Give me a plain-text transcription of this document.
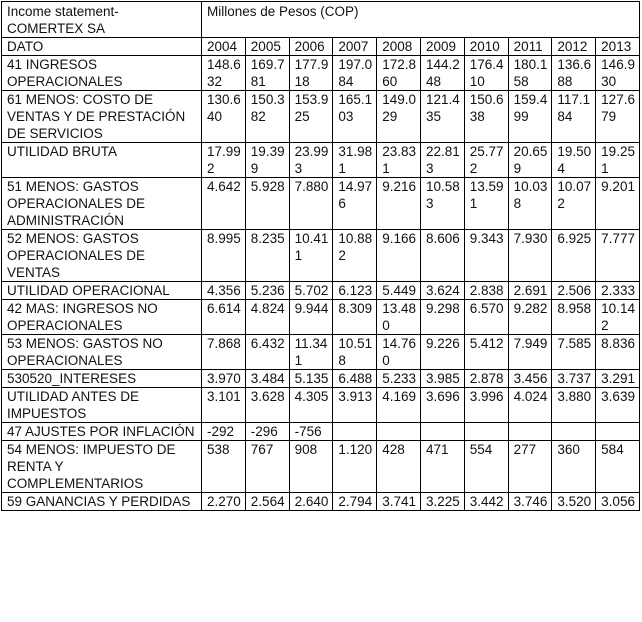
Income statement-
COMERTEX SA	Millones de Pesos (COP)									
DATO	2004	2005	2006	2007	2008	2009	2010	2011	2012	2013
41 INGRESOS OPERACIONALES	148.632	169.781	177.918	197.084	172.860	144.248	176.410	180.158	136.688	146.930
61 MENOS: COSTO DE VENTAS Y DE PRESTACIÓN DE SERVICIOS	130.640	150.382	153.925	165.103	149.029	121.435	150.638	159.499	117.184	127.679
UTILIDAD BRUTA	17.992	19.399	23.993	31.981	23.831	22.813	25.772	20.659	19.504	19.251
51 MENOS: GASTOS OPERACIONALES DE ADMINISTRACIÓN	4.642	5.928	7.880	14.976	9.216	10.583	13.591	10.038	10.072	9.201
52 MENOS: GASTOS OPERACIONALES DE VENTAS	8.995	8.235	10.411	10.882	9.166	8.606	9.343	7.930	6.925	7.777
UTILIDAD OPERACIONAL	4.356	5.236	5.702	6.123	5.449	3.624	2.838	2.691	2.506	2.333
42 MAS: INGRESOS NO OPERACIONALES	6.614	4.824	9.944	8.309	13.480	9.298	6.570	9.282	8.958	10.142
53 MENOS: GASTOS NO OPERACIONALES	7.868	6.432	11.341	10.518	14.760	9.226	5.412	7.949	7.585	8.836
530520_INTERESES	3.970	3.484	5.135	6.488	5.233	3.985	2.878	3.456	3.737	3.291
UTILIDAD ANTES DE IMPUESTOS	3.101	3.628	4.305	3.913	4.169	3.696	3.996	4.024	3.880	3.639
47 AJUSTES POR INFLACIÓN	-292	-296	-756							
54 MENOS: IMPUESTO DE RENTA Y COMPLEMENTARIOS	538	767	908	1.120	428	471	554	277	360	584
59 GANANCIAS Y PERDIDAS	2.270	2.564	2.640	2.794	3.741	3.225	3.442	3.746	3.520	3.056
